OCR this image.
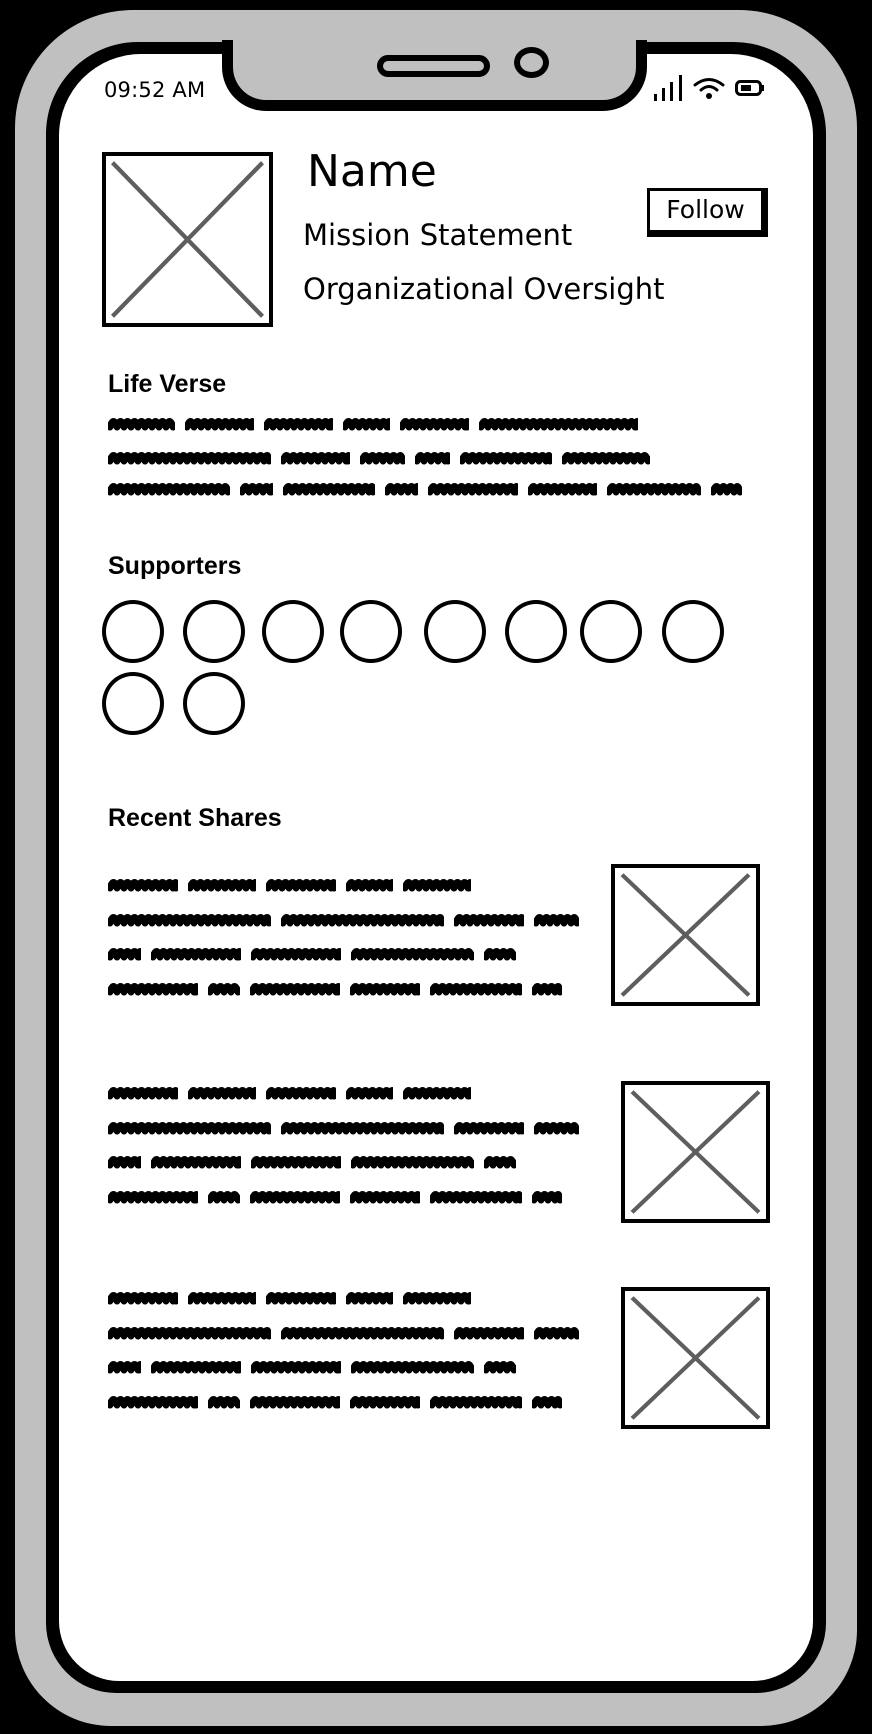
09:52 AM
Name
Mission Statement
Organizational Oversight
Follow
Life Verse
Supporters
Recent Shares
